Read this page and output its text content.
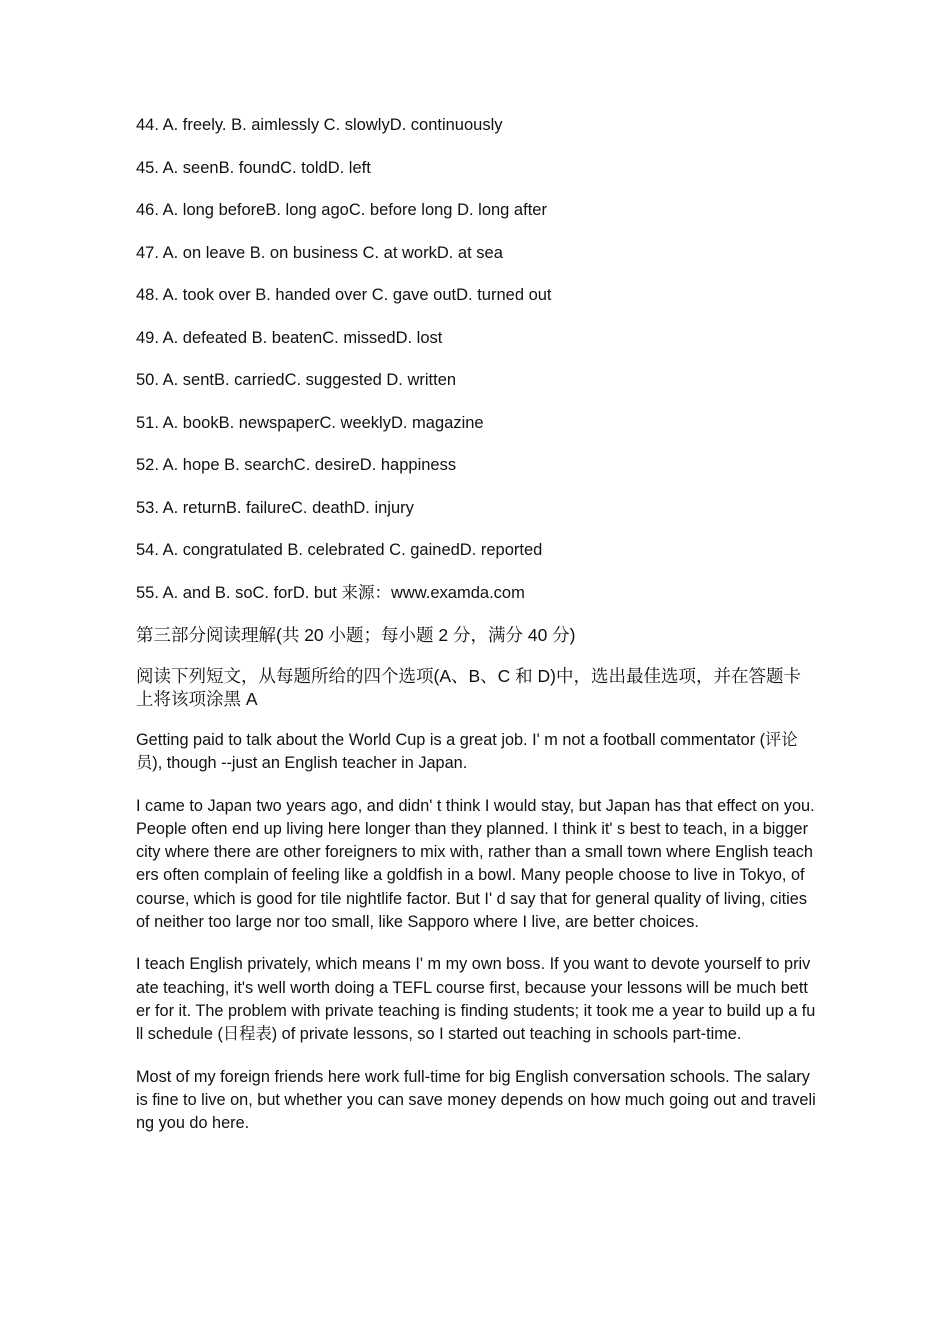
44. A. freely. B. aimlessly C. slowlyD. continuously
45. A. seenB. foundC. toldD. left
46. A. long beforeB. long agoC. before long D. long after
47. A. on leave B. on business C. at workD. at sea
48. A. took over B. handed over C. gave outD. turned out
49. A. defeated B. beatenC. missedD. lost
50. A. sentB. carriedC. suggested D. written
51. A. bookB. newspaperC. weeklyD. magazine
52. A. hope B. searchC. desireD. happiness
53. A. returnB. failureC. deathD. injury
54. A. congratulated B. celebrated C. gainedD. reported
55. A. and B. soC. forD. but 来源：www.examda.com
第三部分阅读理解(共 20 小题；每小题 2 分，满分 40 分)
阅读下列短文，从每题所给的四个选项(A、B、C 和 D)中，选出最佳选项，并在答题卡上将该项涂黑 A

Getting paid to talk about the World Cup is a great job. I' m not a football commentator (评论员), though --just an English teacher in Japan.

I came to Japan two years ago, and didn' t think I would stay, but Japan has that effect on you. People often end up living here longer than they planned. I think it' s best to teach, in a bigger city where there are other foreigners to mix with, rather than a small town where English teachers often complain of feeling like a goldfish in a bowl. Many people choose to live in Tokyo, of course, which is good for tile nightlife factor. But I' d say that for general quality of living, cities of neither too large nor too small, like Sapporo where I live, are better choices.

I teach English privately, which means I' m my own boss. If you want to devote yourself to private teaching, it's well worth doing a TEFL course first, because your lessons will be much better for it. The problem with private teaching is finding students; it took me a year to build up a full schedule (日程表) of private lessons, so I started out teaching in schools part-time.

Most of my foreign friends here work full-time for big English conversation schools. The salary is fine to live on, but whether you can save money depends on how much going out and traveling you do here.
